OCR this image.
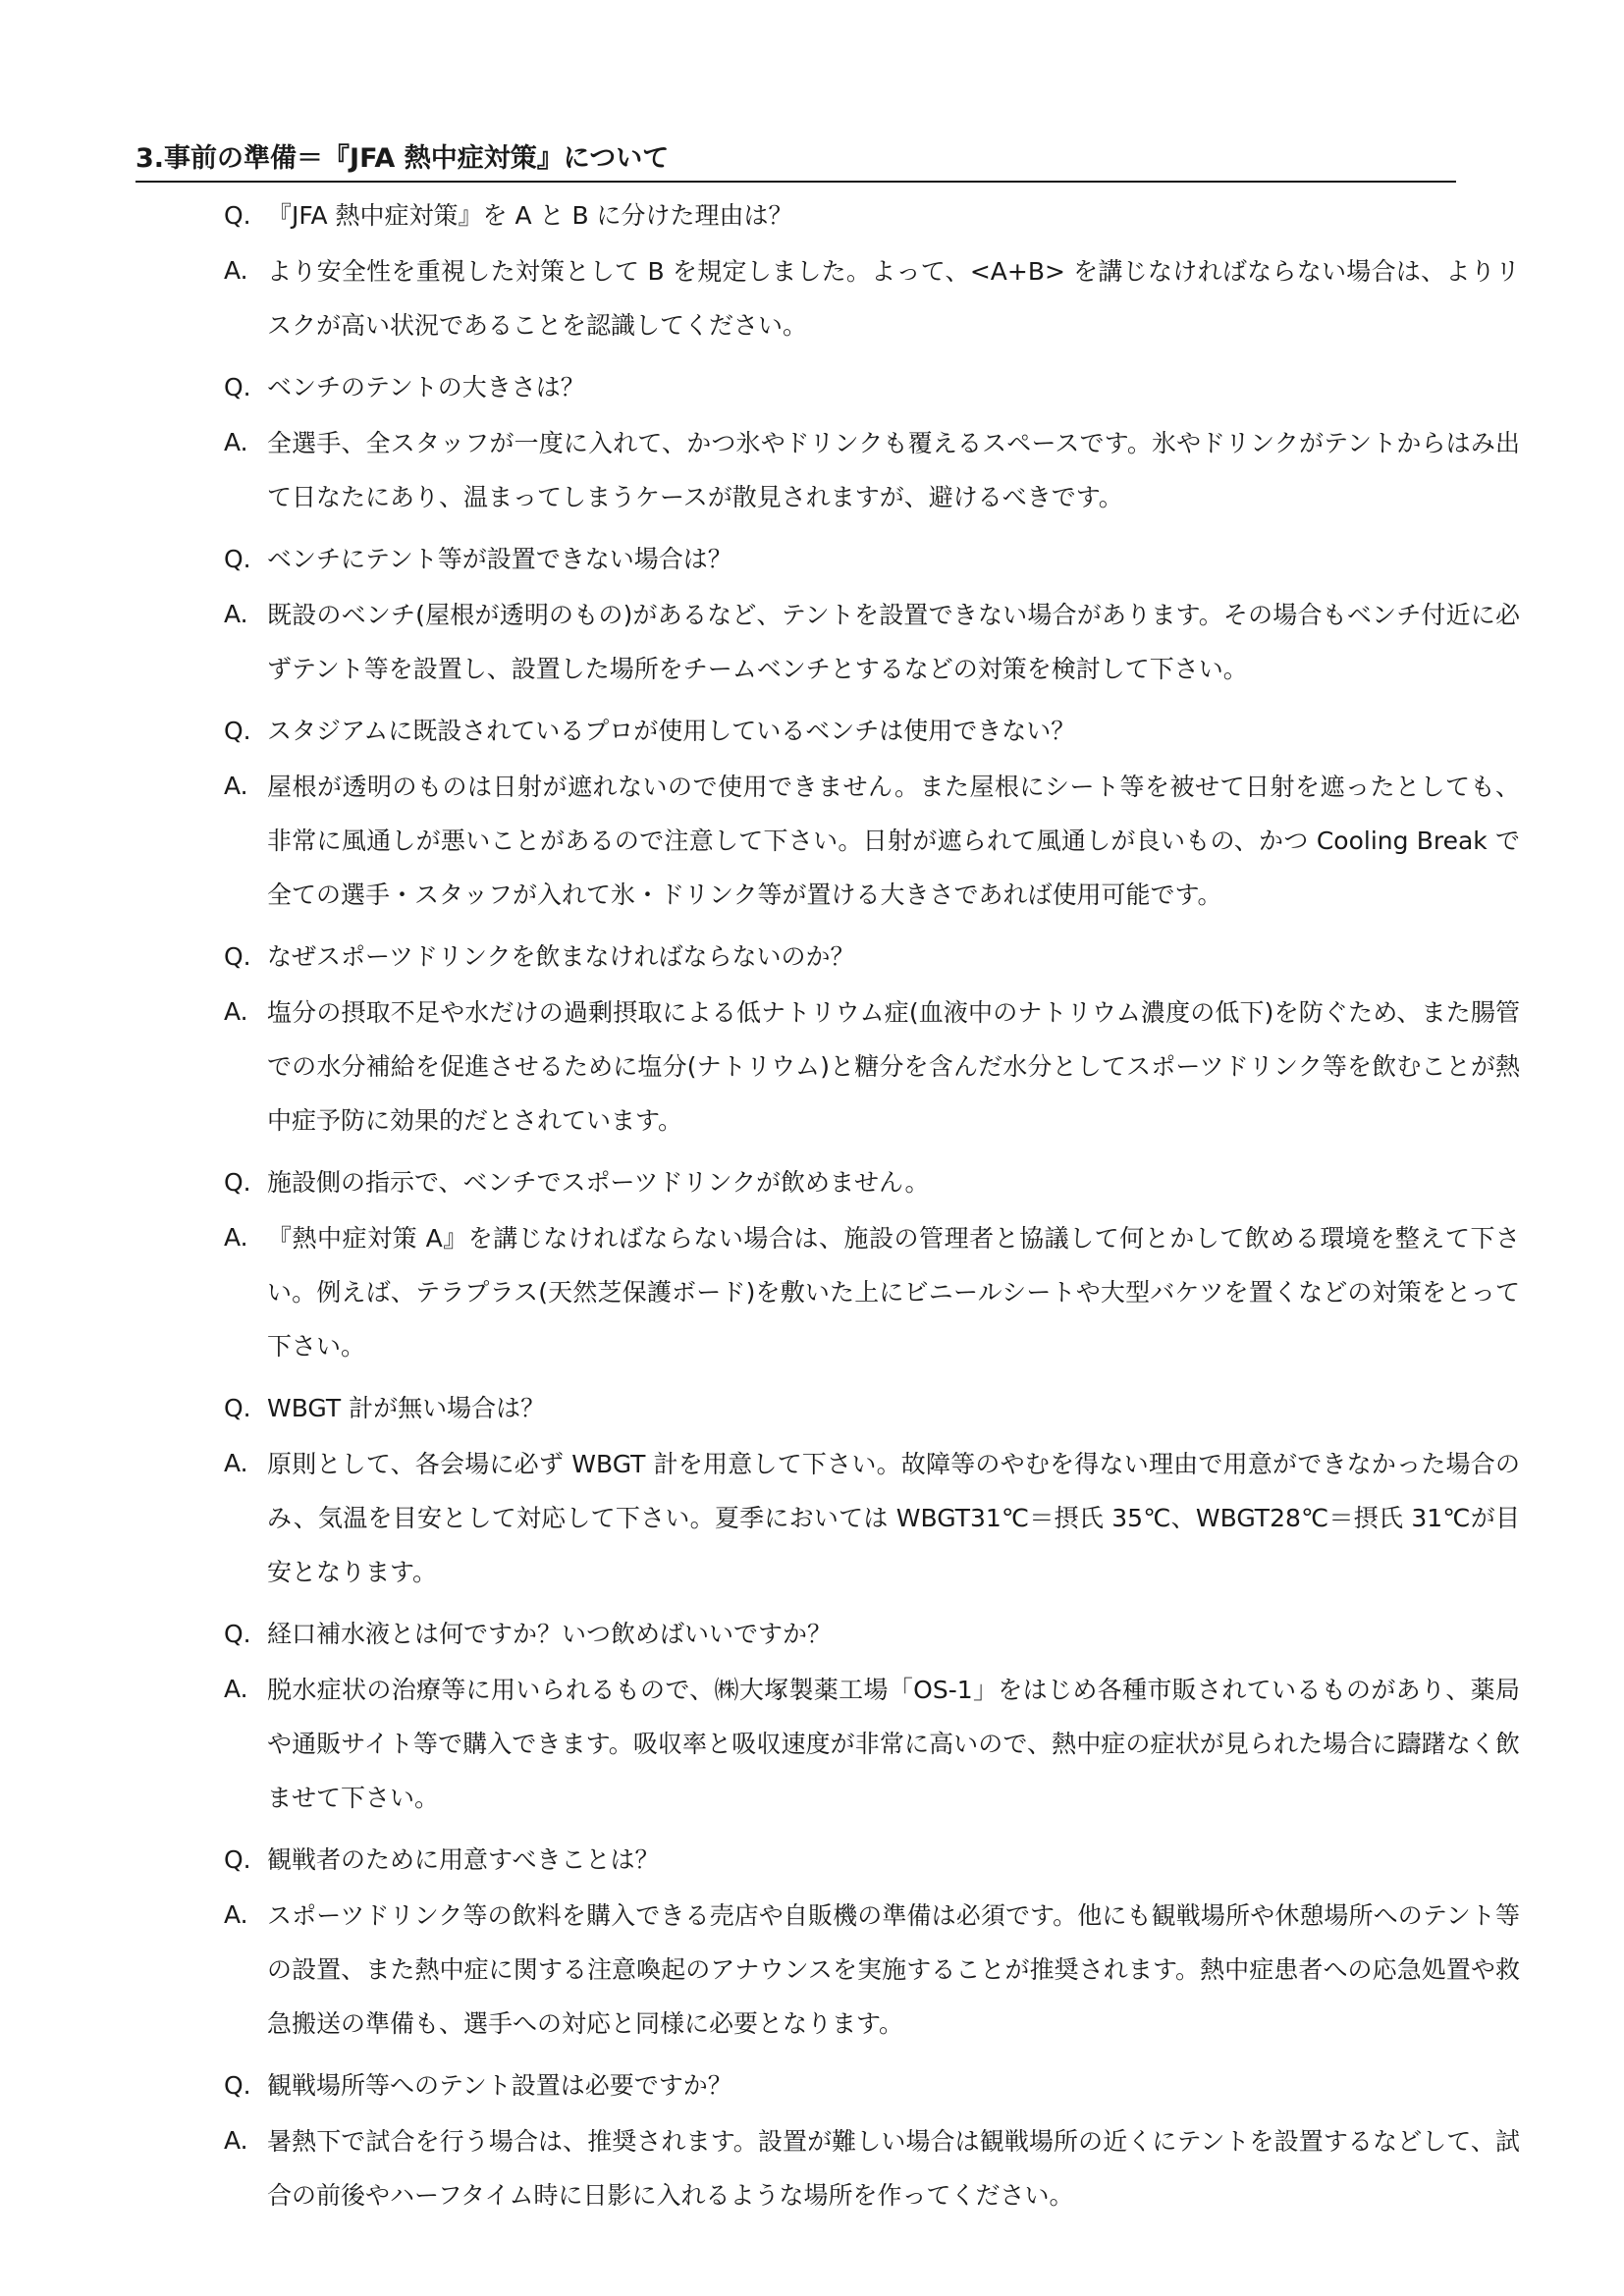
3.事前の準備＝『JFA 熱中症対策』について
Q. 『JFA 熱中症対策』を A と B に分けた理由は？
A. より安全性を重視した対策として B を規定しました。よって、<A+B> を講じなければならない場合は、よりリスクが高い状況であることを認識してください。
Q. ベンチのテントの大きさは？
A. 全選手、全スタッフが一度に入れて、かつ氷やドリンクも覆えるスペースです。氷やドリンクがテントからはみ出て日なたにあり、温まってしまうケースが散見されますが、避けるべきです。
Q. ベンチにテント等が設置できない場合は？
A. 既設のベンチ(屋根が透明のもの)があるなど、テントを設置できない場合があります。その場合もベンチ付近に必ずテント等を設置し、設置した場所をチームベンチとするなどの対策を検討して下さい。
Q. スタジアムに既設されているプロが使用しているベンチは使用できない？
A. 屋根が透明のものは日射が遮れないので使用できません。また屋根にシート等を被せて日射を遮ったとしても、非常に風通しが悪いことがあるので注意して下さい。日射が遮られて風通しが良いもの、かつ Cooling Break で全ての選手・スタッフが入れて氷・ドリンク等が置ける大きさであれば使用可能です。
Q. なぜスポーツドリンクを飲まなければならないのか？
A. 塩分の摂取不足や水だけの過剰摂取による低ナトリウム症(血液中のナトリウム濃度の低下)を防ぐため、また腸管での水分補給を促進させるために塩分(ナトリウム)と糖分を含んだ水分としてスポーツドリンク等を飲むことが熱中症予防に効果的だとされています。
Q. 施設側の指示で、ベンチでスポーツドリンクが飲めません。
A. 『熱中症対策 A』を講じなければならない場合は、施設の管理者と協議して何とかして飲める環境を整えて下さい。例えば、テラプラス(天然芝保護ボード)を敷いた上にビニールシートや大型バケツを置くなどの対策をとって下さい。
Q. WBGT 計が無い場合は？
A. 原則として、各会場に必ず WBGT 計を用意して下さい。故障等のやむを得ない理由で用意ができなかった場合のみ、気温を目安として対応して下さい。夏季においては WBGT31℃＝摂氏 35℃、WBGT28℃＝摂氏 31℃が目安となります。
Q. 経口補水液とは何ですか？いつ飲めばいいですか？
A. 脱水症状の治療等に用いられるもので、㈱大塚製薬工場「OS-1」をはじめ各種市販されているものがあり、薬局や通販サイト等で購入できます。吸収率と吸収速度が非常に高いので、熱中症の症状が見られた場合に躊躇なく飲ませて下さい。
Q. 観戦者のために用意すべきことは？
A. スポーツドリンク等の飲料を購入できる売店や自販機の準備は必須です。他にも観戦場所や休憩場所へのテント等の設置、また熱中症に関する注意喚起のアナウンスを実施することが推奨されます。熱中症患者への応急処置や救急搬送の準備も、選手への対応と同様に必要となります。
Q. 観戦場所等へのテント設置は必要ですか？
A. 暑熱下で試合を行う場合は、推奨されます。設置が難しい場合は観戦場所の近くにテントを設置するなどして、試合の前後やハーフタイム時に日影に入れるような場所を作ってください。
